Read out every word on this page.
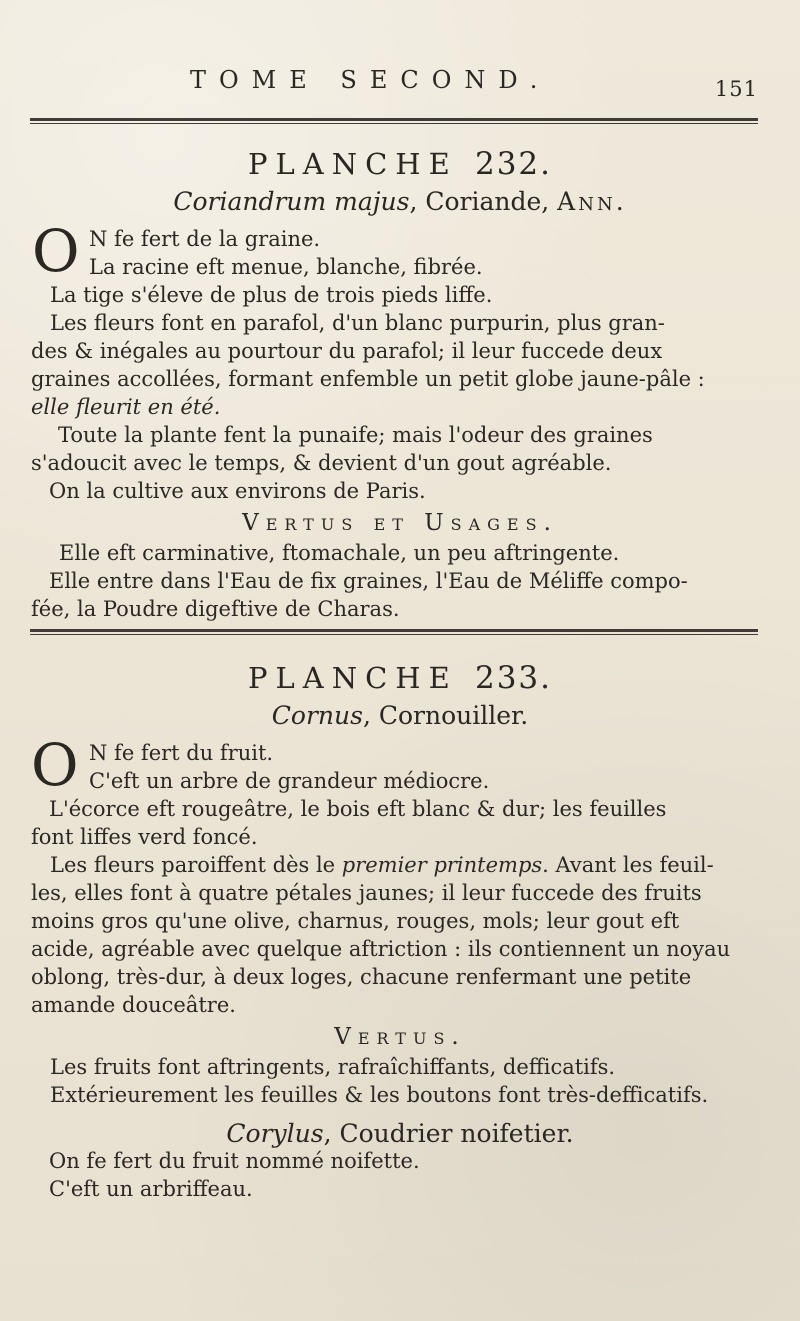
TOME SECOND.	151
PLANCHE 232.
Coriandrum majus, Coriande, Ann.
O N fe fert de la graine.
La racine eft menue, blanche, fibrée.
La tige s'éleve de plus de trois pieds liffe.
Les fleurs font en parafol, d'un blanc purpurin, plus gran-
des & inégales au pourtour du parafol; il leur fuccede deux
graines accollées, formant enfemble un petit globe jaune-pâle :
elle fleurit en été.
Toute la plante fent la punaife; mais l'odeur des graines
s'adoucit avec le temps, & devient d'un gout agréable.
On la cultive aux environs de Paris.
Vertus et Usages.
Elle eft carminative, ftomachale, un peu aftringente.
Elle entre dans l'Eau de fix graines, l'Eau de Méliffe compo-
fée, la Poudre digeftive de Charas.
PLANCHE 233.
Cornus, Cornouiller.
O N fe fert du fruit.
C'eft un arbre de grandeur médiocre.
L'écorce eft rougeâtre, le bois eft blanc & dur; les feuilles
font liffes verd foncé.
Les fleurs paroiffent dès le premier printemps. Avant les feuil-
les, elles font à quatre pétales jaunes; il leur fuccede des fruits
moins gros qu'une olive, charnus, rouges, mols; leur gout eft
acide, agréable avec quelque aftriction : ils contiennent un noyau
oblong, très-dur, à deux loges, chacune renfermant une petite
amande douceâtre.
Vertus.
Les fruits font aftringents, rafraîchiffants, defficatifs.
Extérieurement les feuilles & les boutons font très-defficatifs.
Corylus, Coudrier noifetier.
On fe fert du fruit nommé noifette.
C'eft un arbriffeau.
